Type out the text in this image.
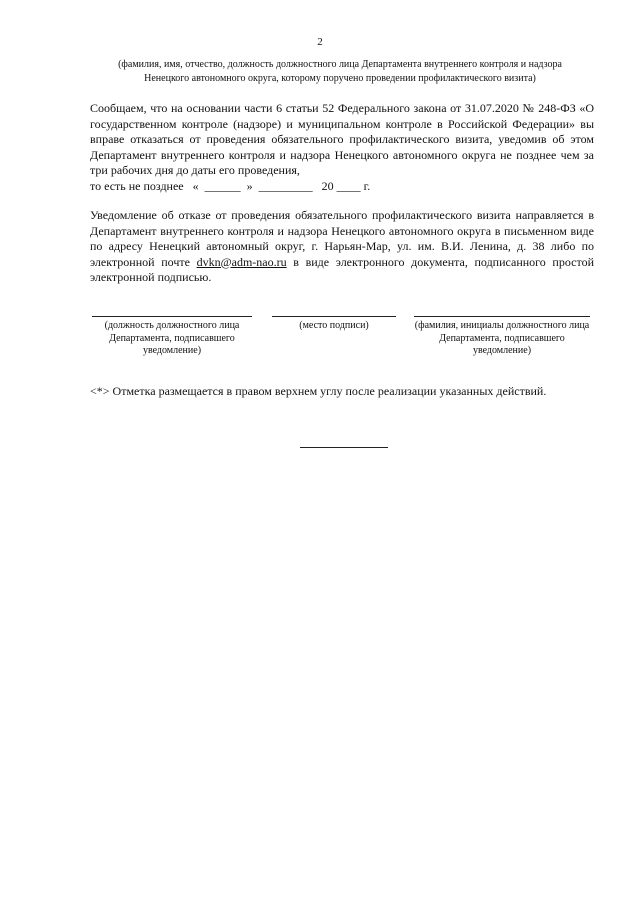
2
(фамилия, имя, отчество, должность должностного лица Департамента внутреннего контроля и надзора
Ненецкого автономного округа, которому поручено проведении профилактического визита)
Сообщаем, что на основании части 6 статьи 52 Федерального закона от 31.07.2020 № 248-ФЗ «О государственном контроле (надзоре) и муниципальном контроле в Российской Федерации» вы вправе отказаться от проведения обязательного профилактического визита, уведомив об этом Департамент внутреннего контроля и надзора Ненецкого автономного округа не позднее чем за три рабочих дня до даты его проведения,
то есть не позднее   «  ______  »  _________   20 ____ г.
Уведомление об отказе от проведения обязательного профилактического визита направляется в Департамент внутреннего контроля и надзора Ненецкого автономного округа в письменном виде по адресу Ненецкий автономный округ, г. Нарьян-Мар, ул. им. В.И. Ленина, д. 38 либо по электронной почте dvkn@adm-nao.ru в виде электронного документа, подписанного простой электронной подписью.
(должность должностного лица Департамента, подписавшего уведомление)
(место подписи)	(фамилия, инициалы должностного лица Департамента, подписавшего уведомление)
<*> Отметка размещается в правом верхнем углу после реализации указанных действий.
